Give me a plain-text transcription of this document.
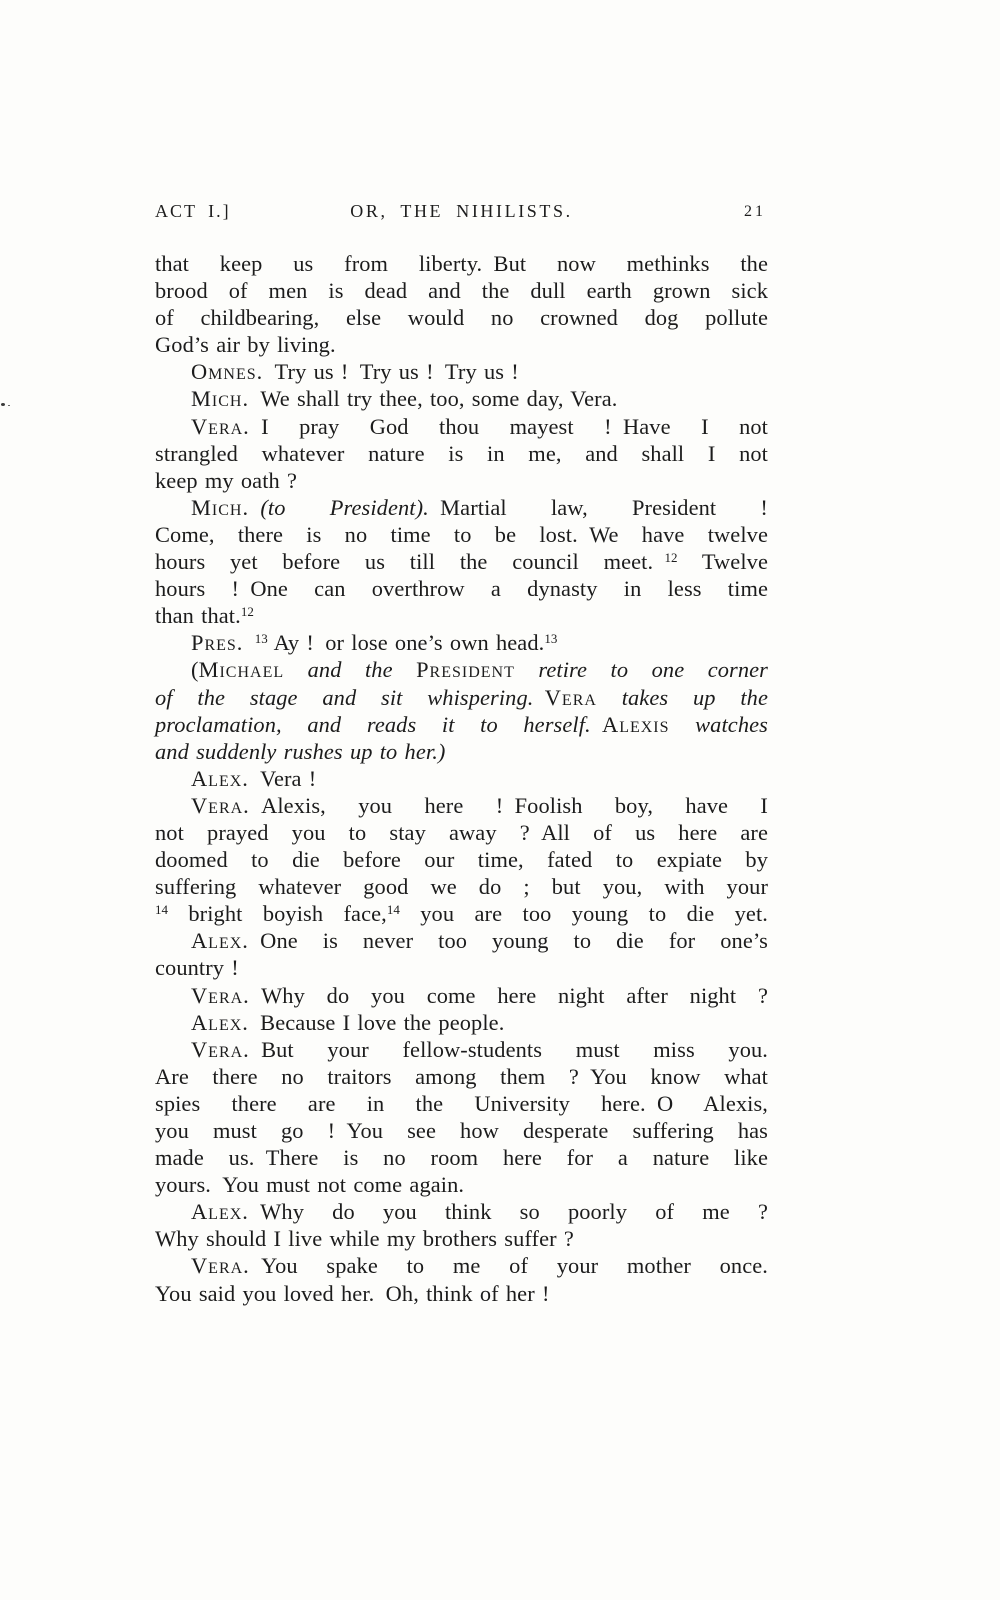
ACT I.]	OR, THE NIHILISTS.	21
that keep us from liberty. But now methinks the
brood of men is dead and the dull earth grown sick
of childbearing, else would no crowned dog pollute
God’s air by living.
Omnes. Try us ! Try us ! Try us !
Mich. We shall try thee, too, some day, Vera.
Vera. I pray God thou mayest ! Have I not
strangled whatever nature is in me, and shall I not
keep my oath ?
Mich.  (to President). Martial law, President !
Come, there is no time to be lost. We have twelve
hours yet before us till the council meet. $^{12}$ Twelve
hours ! One can overthrow a dynasty in less time
than that.$^{12}$
Pres.  $^{13}$ Ay ! or lose one’s own head.$^{13}$
(Michael and the President retire to one corner
of the stage and sit whispering. Vera takes up the
proclamation, and reads it to herself. Alexis watches
and suddenly rushes up to her.)
Alex. Vera !
Vera. Alexis, you here ! Foolish boy, have I
not prayed you to stay away ? All of us here are
doomed to die before our time, fated to expiate by
suffering whatever good we do ; but you, with your
$^{14}$ bright boyish face,$^{14}$ you are too young to die yet.
Alex. One is never too young to die for one’s
country !
Vera. Why do you come here night after night ?
Alex. Because I love the people.
Vera. But your fellow-students must miss you.
Are there no traitors among them ? You know what
spies there are in the University here. O Alexis,
you must go ! You see how desperate suffering has
made us. There is no room here for a nature like
yours. You must not come again.
Alex. Why do you think so poorly of me ?
Why should I live while my brothers suffer ?
Vera. You spake to me of your mother once.
You said you loved her. Oh, think of her !
